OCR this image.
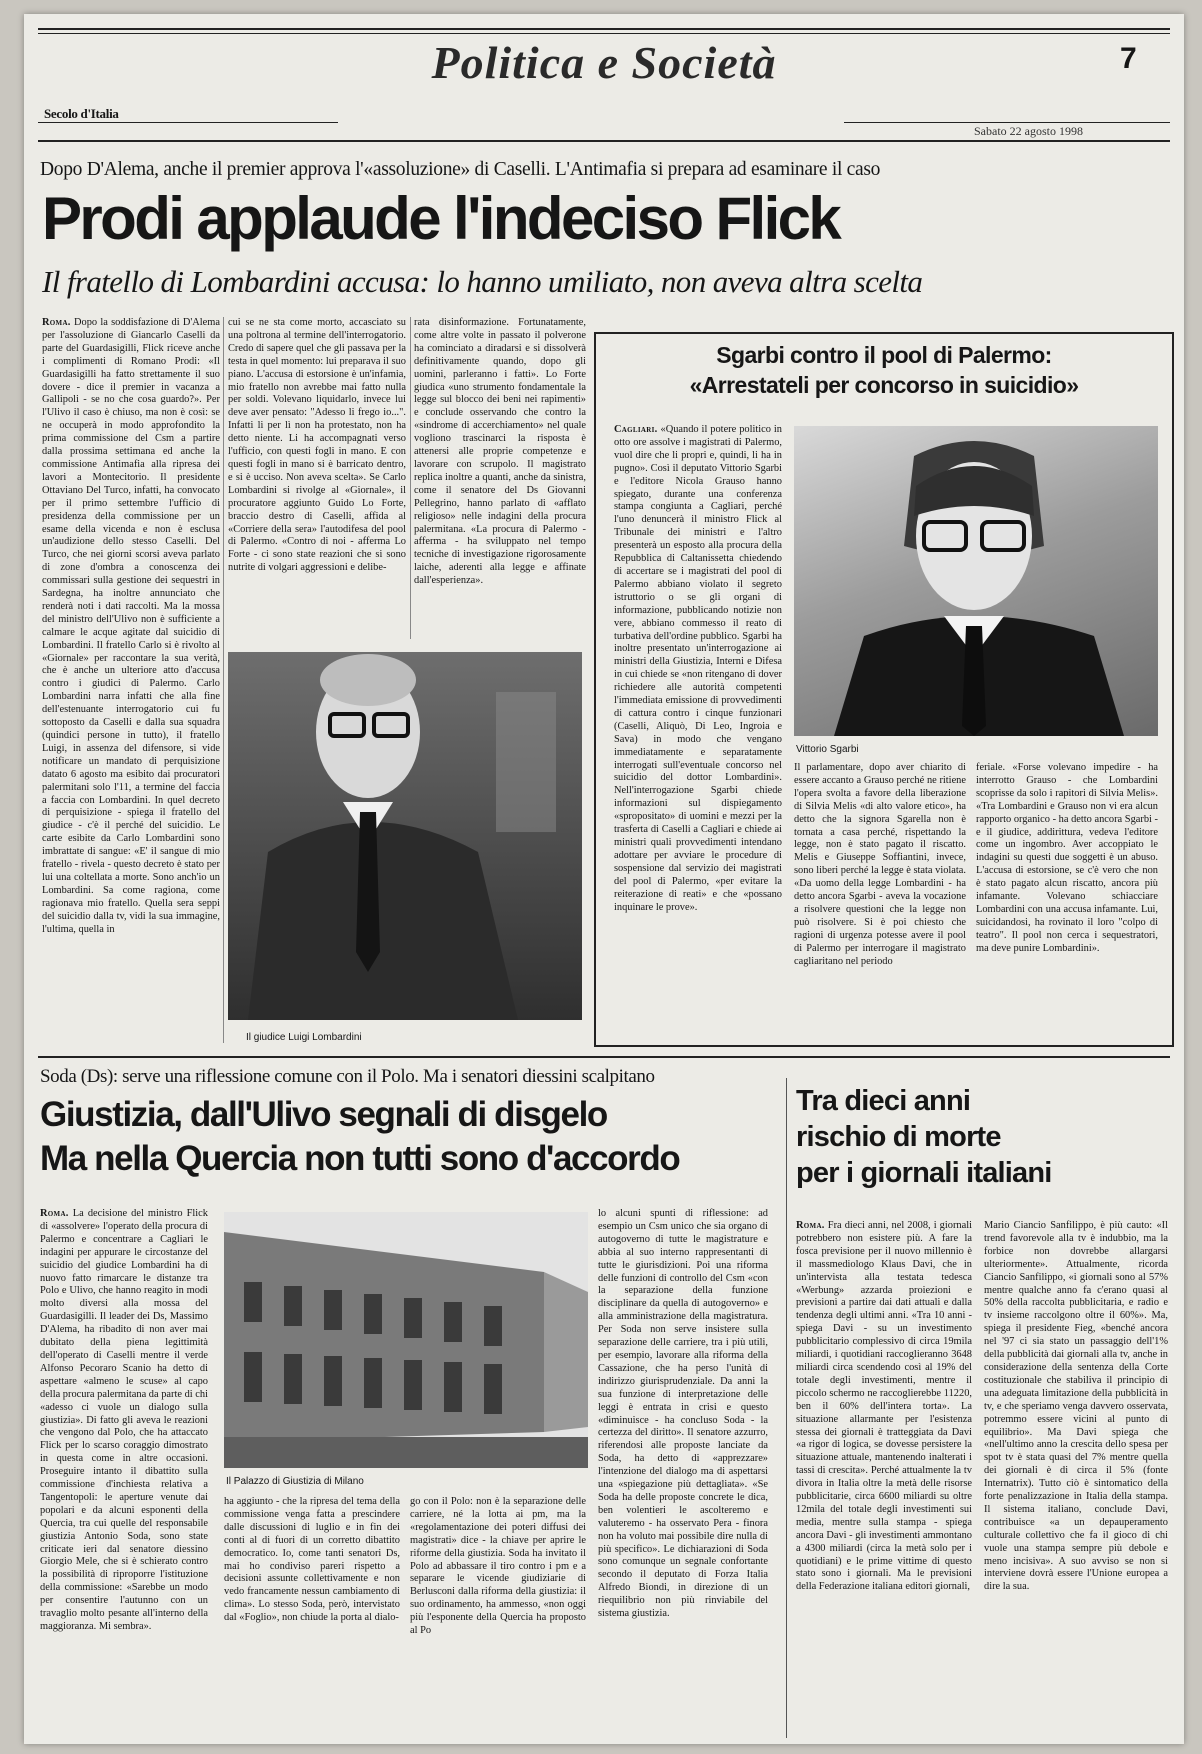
Politica e Società	7
Secolo d'Italia
Sabato 22 agosto 1998
Dopo D'Alema, anche il premier approva l'«assoluzione» di Caselli. L'Antimafia si prepara ad esaminare il caso
Prodi applaude l'indeciso Flick
Il fratello di Lombardini accusa: lo hanno umiliato, non aveva altra scelta

Roma. Dopo la soddisfazione di D'Alema per l'assoluzione di Giancarlo Caselli da parte del Guardasigilli, Flick riceve anche i complimenti di Romano Prodi: «Il Guardasigilli ha fatto strettamente il suo dovere - dice il premier in vacanza a Gallipoli - se no che cosa guardo?». Per l'Ulivo il caso è chiuso, ma non è così: se ne occuperà in modo approfondito la prima commissione del Csm a partire dalla prossima settimana ed anche la commissione Antimafia alla ripresa dei lavori a Montecitorio. Il presidente Ottaviano Del Turco, infatti, ha convocato per il primo settembre l'ufficio di presidenza della commissione per un esame della vicenda e non è esclusa un'audizione dello stesso Caselli. Del Turco, che nei giorni scorsi aveva parlato di zone d'ombra a conoscenza dei commissari sulla gestione dei sequestri in Sardegna, ha inoltre annunciato che renderà noti i dati raccolti. Ma la mossa del ministro dell'Ulivo non è sufficiente a calmare le acque agitate dal suicidio di Lombardini. Il fratello Carlo si è rivolto al «Giornale» per raccontare la sua verità, che è anche un ulteriore atto d'accusa contro i giudici di Palermo. Carlo Lombardini narra infatti che alla fine dell'estenuante interrogatorio cui fu sottoposto da Caselli e dalla sua squadra (quindici persone in tutto), il fratello Luigi, in assenza del difensore, si vide notificare un mandato di perquisizione datato 6 agosto ma esibito dai procuratori palermitani solo l'11, a termine del faccia a faccia con Lombardini. In quel decreto di perquisizione - spiega il fratello del giudice - c'è il perché del suicidio. Le carte esibite da Carlo Lombardini sono imbrattate di sangue: «E' il sangue di mio fratello - rivela - questo decreto è stato per lui una coltellata a morte. Sono anch'io un Lombardini. Sa come ragiona, come ragionava mio fratello. Quella sera seppi del suicidio dalla tv, vidi la sua immagine, l'ultima, quella in

cui se ne sta come morto, accasciato su una poltrona al termine dell'interrogatorio. Credo di sapere quel che gli passava per la testa in quel momento: lui preparava il suo piano. L'accusa di estorsione è un'infamia, mio fratello non avrebbe mai fatto nulla per soldi. Volevano liquidarlo, invece lui deve aver pensato: "Adesso li frego io...". Infatti li per lì non ha protestato, non ha detto niente. Li ha accompagnati verso l'ufficio, con questi fogli in mano. E con questi fogli in mano si è barricato dentro, e si è ucciso. Non aveva scelta». Se Carlo Lombardini si rivolge al «Giornale», il procuratore aggiunto Guido Lo Forte, braccio destro di Caselli, affida al «Corriere della sera» l'autodifesa del pool di Palermo. «Contro di noi - afferma Lo Forte - ci sono state reazioni che si sono nutrite di volgari aggressioni e delibe-

rata disinformazione. Fortunatamente, come altre volte in passato il polverone ha cominciato a diradarsi e si dissolverà definitivamente quando, dopo gli uomini, parleranno i fatti». Lo Forte giudica «uno strumento fondamentale la legge sul blocco dei beni nei rapimenti» e conclude osservando che contro la «sindrome di accerchiamento» nel quale vogliono trascinarci la risposta è attenersi alle proprie competenze e lavorare con scrupolo. Il magistrato replica inoltre a quanti, anche da sinistra, come il senatore del Ds Giovanni Pellegrino, hanno parlato di «afflato religioso» nelle indagini della procura palermitana. «La procura di Palermo - afferma - ha sviluppato nel tempo tecniche di investigazione rigorosamente laiche, aderenti alla legge e affinate dall'esperienza».

Il giudice Luigi Lombardini
Sgarbi contro il pool di Palermo:
«Arrestateli per concorso in suicidio»

Cagliari. «Quando il potere politico in otto ore assolve i magistrati di Palermo, vuol dire che li propri e, quindi, li ha in pugno». Così il deputato Vittorio Sgarbi e l'editore Nicola Grauso hanno spiegato, durante una conferenza stampa congiunta a Cagliari, perché l'uno denuncerà il ministro Flick al Tribunale dei ministri e l'altro presenterà un esposto alla procura della Repubblica di Caltanissetta chiedendo di accertare se i magistrati del pool di Palermo abbiano violato il segreto istruttorio o se gli organi di informazione, pubblicando notizie non vere, abbiano commesso il reato di turbativa dell'ordine pubblico. Sgarbi ha inoltre presentato un'interrogazione ai ministri della Giustizia, Interni e Difesa in cui chiede se «non ritengano di dover richiedere alle autorità competenti l'immediata emissione di provvedimenti di cattura contro i cinque funzionari (Caselli, Aliquò, Di Leo, Ingroia e Sava) in modo che vengano immediatamente e separatamente interrogati sull'eventuale concorso nel suicidio del dottor Lombardini». Nell'interrogazione Sgarbi chiede informazioni sul dispiegamento «spropositato» di uomini e mezzi per la trasferta di Caselli a Cagliari e chiede ai ministri quali provvedimenti intendano adottare per avviare le procedure di sospensione dal servizio dei magistrati del pool di Palermo, «per evitare la reiterazione di reati» e che «possano inquinare le prove».

Vittorio Sgarbi

Il parlamentare, dopo aver chiarito di essere accanto a Grauso perché ne ritiene l'opera svolta a favore della liberazione di Silvia Melis «di alto valore etico», ha detto che la signora Sgarella non è tornata a casa perché, rispettando la legge, non è stato pagato il riscatto. Melis e Giuseppe Soffiantini, invece, sono liberi perché la legge è stata violata. «Da uomo della legge Lombardini - ha detto ancora Sgarbi - aveva la vocazione a risolvere questioni che la legge non può risolvere. Si è poi chiesto che ragioni di urgenza potesse avere il pool di Palermo per interrogare il magistrato cagliaritano nel periodo

feriale. «Forse volevano impedire - ha interrotto Grauso - che Lombardini scoprisse da solo i rapitori di Silvia Melis». «Tra Lombardini e Grauso non vi era alcun rapporto organico - ha detto ancora Sgarbi - e il giudice, addirittura, vedeva l'editore come un ingombro. Aver accoppiato le indagini su questi due soggetti è un abuso. L'accusa di estorsione, se c'è vero che non è stato pagato alcun riscatto, ancora più infamante. Volevano schiacciare Lombardini con una accusa infamante. Lui, suicidandosi, ha rovinato il loro "colpo di teatro". Il pool non cerca i sequestratori, ma deve punire Lombardini».

Soda (Ds): serve una riflessione comune con il Polo. Ma i senatori diessini scalpitano
Giustizia, dall'Ulivo segnali di disgelo
Ma nella Quercia non tutti sono d'accordo

Roma. La decisione del ministro Flick di «assolvere» l'operato della procura di Palermo e concentrare a Cagliari le indagini per appurare le circostanze del suicidio del giudice Lombardini ha di nuovo fatto rimarcare le distanze tra Polo e Ulivo, che hanno reagito in modi molto diversi alla mossa del Guardasigilli. Il leader dei Ds, Massimo D'Alema, ha ribadito di non aver mai dubitato della piena legittimità dell'operato di Caselli mentre il verde Alfonso Pecoraro Scanio ha detto di aspettare «almeno le scuse» al capo della procura palermitana da parte di chi «adesso ci vuole un dialogo sulla giustizia». Di fatto gli aveva le reazioni che vengono dal Polo, che ha attaccato Flick per lo scarso coraggio dimostrato in questa come in altre occasioni. Proseguire intanto il dibattito sulla commissione d'inchiesta relativa a Tangentopoli: le aperture venute dai popolari e da alcuni esponenti della Quercia, tra cui quelle del responsabile giustizia Antonio Soda, sono state criticate ieri dal senatore diessino Giorgio Mele, che si è schierato contro la possibilità di riproporre l'istituzione della commissione: «Sarebbe un modo per consentire l'autunno con un travaglio molto pesante all'interno della maggioranza. Mi sembra».

Il Palazzo di Giustizia di Milano

ha aggiunto - che la ripresa del tema della commissione venga fatta a prescindere dalle discussioni di luglio e in fin dei conti al di fuori di un corretto dibattito democratico. Io, come tanti senatori Ds, mai ho condiviso pareri rispetto a decisioni assunte collettivamente e non vedo francamente nessun cambiamento di clima». Lo stesso Soda, però, intervistato dal «Foglio», non chiude la porta al dialo-

go con il Polo: non è la separazione delle carriere, né la lotta ai pm, ma la «regolamentazione dei poteri diffusi dei magistrati» dice - la chiave per aprire le riforme della giustizia. Soda ha invitato il Polo ad abbassare il tiro contro i pm e a separare le vicende giudiziarie di Berlusconi dalla riforma della giustizia: il suo ordinamento, ha ammesso, «non oggi più l'esponente della Quercia ha proposto al Po

lo alcuni spunti di riflessione: ad esempio un Csm unico che sia organo di autogoverno di tutte le magistrature e abbia al suo interno rappresentanti di tutte le giurisdizioni. Poi una riforma delle funzioni di controllo del Csm «con la separazione della funzione disciplinare da quella di autogoverno» e alla amministrazione della magistratura. Per Soda non serve insistere sulla separazione delle carriere, tra i più utili, per esempio, lavorare alla riforma della Cassazione, che ha perso l'unità di indirizzo giurisprudenziale. Da anni la sua funzione di interpretazione delle leggi è entrata in crisi e questo «diminuisce - ha concluso Soda - la certezza del diritto». Il senatore azzurro, riferendosi alle proposte lanciate da Soda, ha detto di «apprezzare» l'intenzione del dialogo ma di aspettarsi una «spiegazione più dettagliata». «Se Soda ha delle proposte concrete le dica, ben volentieri le ascolteremo e valuteremo - ha osservato Pera - finora non ha voluto mai possibile dire nulla di più specifico». Le dichiarazioni di Soda sono comunque un segnale confortante secondo il deputato di Forza Italia Alfredo Biondi, in direzione di un riequilibrio non più rinviabile del sistema giustizia.

Tra dieci anni
rischio di morte
per i giornali italiani

Roma. Fra dieci anni, nel 2008, i giornali potrebbero non esistere più. A fare la fosca previsione per il nuovo millennio è il massmediologo Klaus Davi, che in un'intervista alla testata tedesca «Werbung» azzarda proiezioni e previsioni a partire dai dati attuali e dalla tendenza degli ultimi anni. «Tra 10 anni - spiega Davi - su un investimento pubblicitario complessivo di circa 19mila miliardi, i quotidiani raccoglieranno 3648 miliardi circa scendendo così al 19% del totale degli investimenti, mentre il piccolo schermo ne raccoglierebbe 11220, ben il 60% dell'intera torta». La situazione allarmante per l'esistenza stessa dei giornali è tratteggiata da Davi «a rigor di logica, se dovesse persistere la situazione attuale, mantenendo inalterati i tassi di crescita». Perché attualmente la tv divora in Italia oltre la metà delle risorse pubblicitarie, circa 6600 miliardi su oltre 12mila del totale degli investimenti sui media, mentre sulla stampa - spiega ancora Davi - gli investimenti ammontano a 4300 miliardi (circa la metà solo per i quotidiani) e le prime vittime di questo stato sono i giornali. Ma le previsioni della Federazione italiana editori giornali,

Mario Ciancio Sanfilippo, è più cauto: «Il trend favorevole alla tv è indubbio, ma la forbice non dovrebbe allargarsi ulteriormente». Attualmente, ricorda Ciancio Sanfilippo, «i giornali sono al 57% mentre qualche anno fa c'erano quasi al 50% della raccolta pubblicitaria, e radio e tv insieme raccolgono oltre il 60%». Ma, spiega il presidente Fieg, «benché ancora nel '97 ci sia stato un passaggio dell'1% della pubblicità dai giornali alla tv, anche in considerazione della sentenza della Corte costituzionale che stabiliva il principio di una adeguata limitazione della pubblicità in tv, e che speriamo venga davvero osservata, potremmo essere vicini al punto di equilibrio». Ma Davi spiega che «nell'ultimo anno la crescita dello spesa per spot tv è stata quasi del 7% mentre quella dei giornali è di circa il 5% (fonte Internatrix). Tutto ciò è sintomatico della forte penalizzazione in Italia della stampa. Il sistema italiano, conclude Davi, contribuisce «a un depauperamento culturale collettivo che fa il gioco di chi vuole una stampa sempre più debole e meno incisiva». A suo avviso se non si interviene dovrà essere l'Unione europea a dire la sua.
